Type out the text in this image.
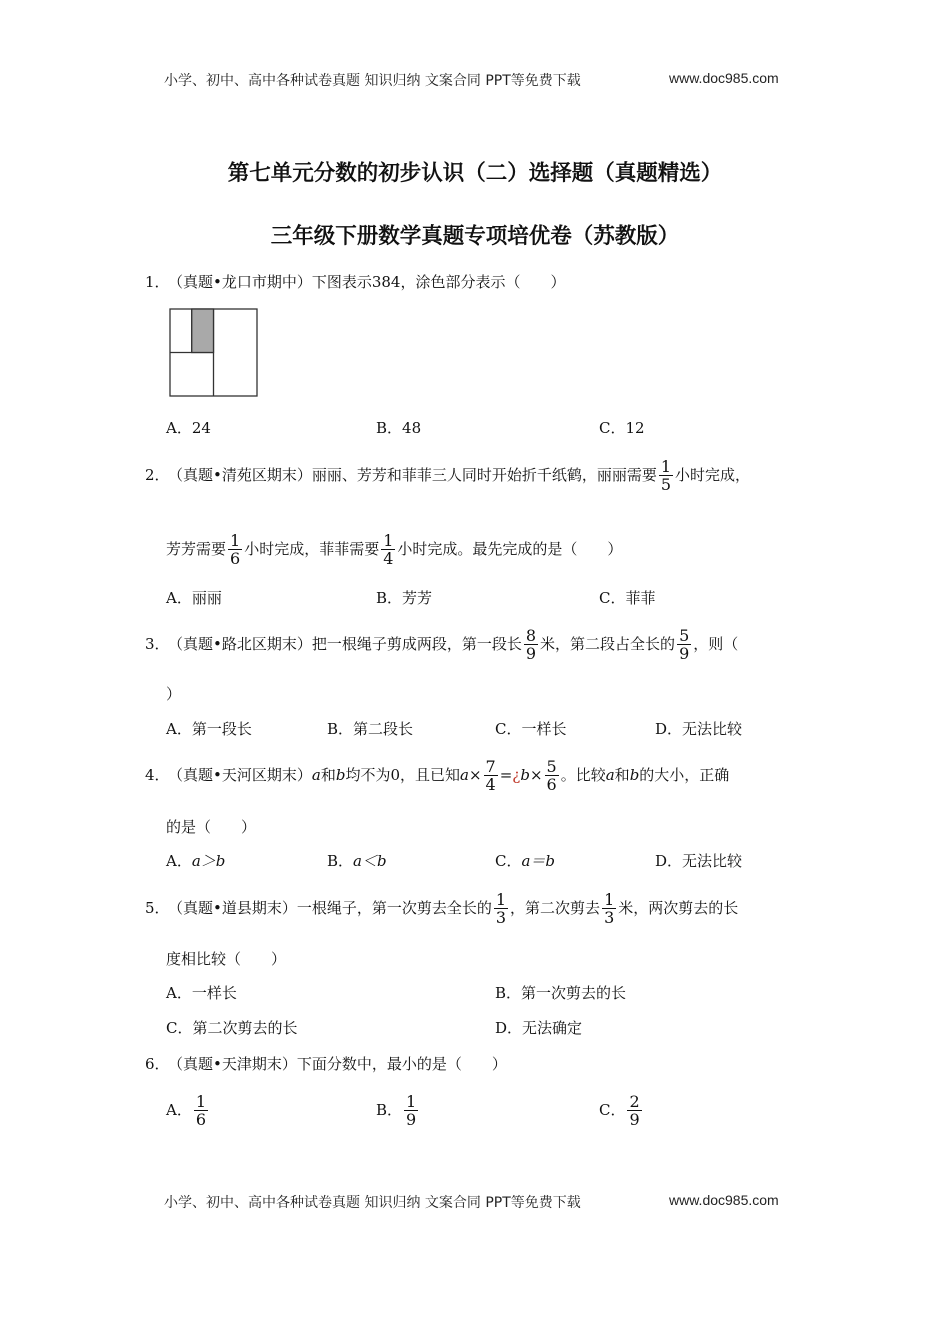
小学、初中、高中各种试卷真题 知识归纳 文案合同 PPT等免费下载	www.doc985.com
第七单元分数的初步认识（二）选择题（真题精选）
三年级下册数学真题专项培优卷（苏教版）
1．
（真题•龙口市期中）下图表示384，涂色部分表示（　　）
A．24	B．48	C．12
2．
（真题•清苑区期末）丽丽、芳芳和菲菲三人同时开始折千纸鹤，丽丽需要 $\frac{1}{5}$ 小时完成，
芳芳需要 $\frac{1}{6}$ 小时完成，菲菲需要 $\frac{1}{4}$ 小时完成。最先完成的是（　　）
A．丽丽	B．芳芳	C．菲菲
3．
（真题•路北区期末）把一根绳子剪成两段，第一段长 $\frac{8}{9}$ 米，第二段占全长的 $\frac{5}{9}$ ，则（
）
A．第一段长	B．第二段长	C．一样长	D．无法比较
4．
（真题•天河区期末） a 和 b 均不为0，且已知 $a \times \frac{7}{4}$ = ¿ $b \times \frac{5}{6}$ 。比较 a 和 b 的大小，正确
的是（　　）
A．a＞b	B．a＜b	C．a＝b	D．无法比较
5．
（真题•道县期末）一根绳子，第一次剪去全长的 $\frac{1}{3}$ ，第二次剪去 $\frac{1}{3}$ 米，两次剪去的长
度相比较（　　）
A．一样长	B．第一次剪去的长
C．第二次剪去的长	D．无法确定
6．
（真题•天津期末）下面分数中，最小的是（　　）
A． $\frac{1}{6}$	B． $\frac{1}{9}$	C． $\frac{2}{9}$
小学、初中、高中各种试卷真题 知识归纳 文案合同 PPT等免费下载	www.doc985.com
